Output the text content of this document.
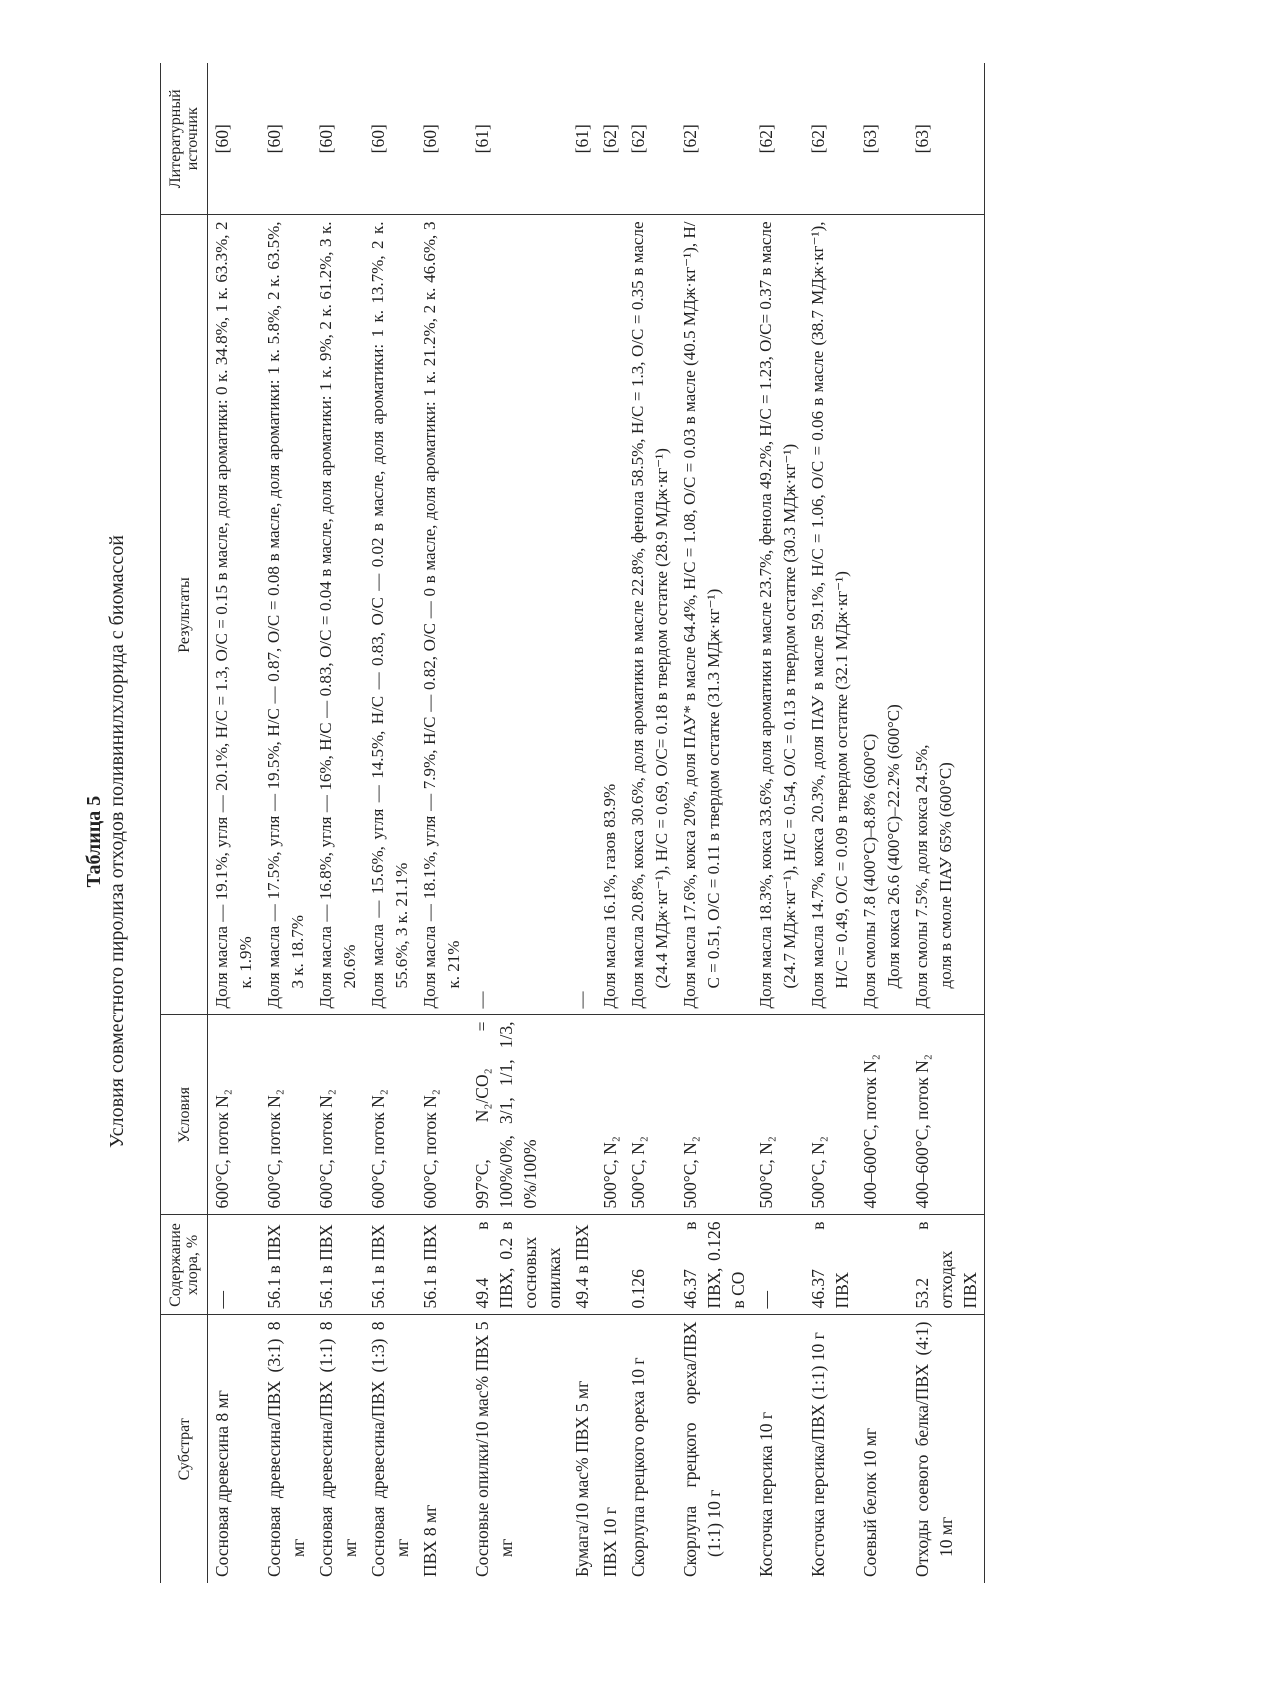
Таблица 5 Условия совместного пиролиза отходов поливинилхлорида с биомассой
Субстрат	Содержание хлора, %	Условия	Результаты	Литературный источник
Сосновая древесина 8 мг	—	600°С, поток N₂	Доля масла — 19.1%, угля — 20.1%, Н/С = 1.3, О/С = 0.15 в масле, доля ароматики: 0 к. 34.8%, 1 к. 63.3%, 2 к. 1.9%	[60]
Сосновая древесина/ПВХ (3:1) 8 мг	56.1 в ПВХ	600°С, поток N₂	Доля масла — 17.5%, угля — 19.5%, Н/С — 0.87, О/С = 0.08 в масле, доля ароматики: 1 к. 5.8%, 2 к. 63.5%, 3 к. 18.7%	[60]
Сосновая древесина/ПВХ (1:1) 8 мг	56.1 в ПВХ	600°С, поток N₂	Доля масла — 16.8%, угля — 16%, Н/С — 0.83, О/С = 0.04 в масле, доля ароматики: 1 к. 9%, 2 к. 61.2%, 3 к. 20.6%	[60]
Сосновая древесина/ПВХ (1:3) 8 мг	56.1 в ПВХ	600°С, поток N₂	Доля масла — 15.6%, угля — 14.5%, Н/С — 0.83, О/С — 0.02 в масле, доля ароматики: 1 к. 13.7%, 2 к. 55.6%, 3 к. 21.1%	[60]
ПВХ 8 мг	56.1 в ПВХ	600°С, поток N₂	Доля масла — 18.1%, угля — 7.9%, Н/С — 0.82, О/С — 0 в масле, доля ароматики: 1 к. 21.2%, 2 к. 46.6%, 3 к. 21%	[60]
Сосновые опилки/10 мас% ПВХ 5 мг	49.4 в ПВХ, 0.2 в сосновых опилках	997°С, N₂/CO₂ = 100%/0%, 3/1, 1/1, 1/3, 0%/100%	—	[61]
Бумага/10 мас% ПВХ 5 мг	49.4 в ПВХ		—	[61]
ПВХ 10 г		500°С, N₂	Доля масла 16.1%, газов 83.9%	[62]
Скорлупа грецкого ореха 10 г	0.126	500°С, N₂	Доля масла 20.8%, кокса 30.6%, доля ароматики в масле 22.8%, фенола 58.5%, Н/С = 1.3, О/С = 0.35 в масле (24.4 МДж·кг⁻¹), Н/С = 0.69, О/С= 0.18 в твердом остатке (28.9 МДж·кг⁻¹)	[62]
Скорлупа грецкого ореха/ПВХ (1:1) 10 г	46.37 в ПВХ, 0.126 в СО	500°С, N₂	Доля масла 17.6%, кокса 20%, доля ПАУ* в масле 64.4%, Н/С = 1.08, О/С = 0.03 в масле (40.5 МДж·кг⁻¹), Н/С = 0.51, О/С = 0.11 в твердом остатке (31.3 МДж·кг⁻¹)	[62]
Косточка персика 10 г	—	500°С, N₂	Доля масла 18.3%, кокса 33.6%, доля ароматики в масле 23.7%, фенола 49.2%, Н/С = 1.23, О/С= 0.37 в масле (24.7 МДж·кг⁻¹), Н/С = 0.54, О/С = 0.13 в твердом остатке (30.3 МДж·кг⁻¹)	[62]
Косточка персика/ПВХ (1:1) 10 г	46.37 в ПВХ	500°С, N₂	Доля масла 14.7%, кокса 20.3%, доля ПАУ в масле 59.1%, Н/С = 1.06, О/С = 0.06 в масле (38.7 МДж·кг⁻¹), Н/С = 0.49, О/С = 0.09 в твердом остатке (32.1 МДж·кг⁻¹)	[62]
Соевый белок 10 мг		400–600°С, поток N₂	Доля смолы 7.8 (400°С)–8.8% (600°С)
Доля кокса 26.6 (400°С)–22.2% (600°С)	[63]
Отходы соевого белка/ПВХ (4:1) 10 мг	53.2 в отходах ПВХ	400–600°С, поток N₂	Доля смолы 7.5%, доля кокса 24.5%,
доля в смоле ПАУ 65% (600°С)	[63]
